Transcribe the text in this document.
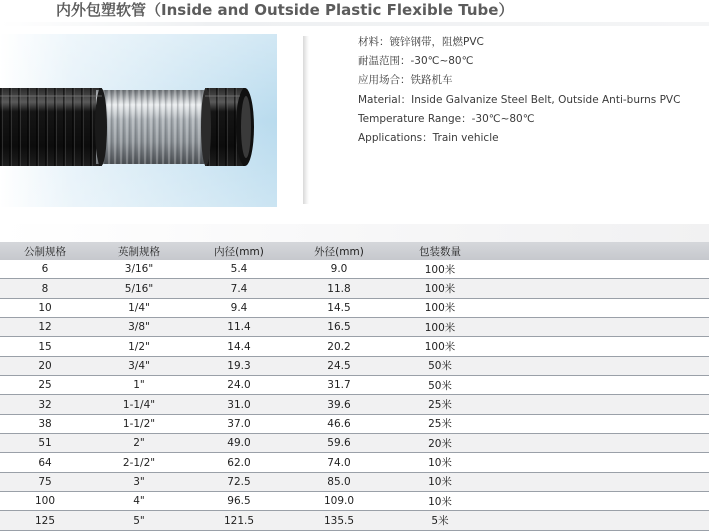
内外包塑软管（Inside and Outside Plastic Flexible Tube）
材料：镀锌钢带，阻燃PVC
耐温范围：-30℃~80℃
应用场合：铁路机车
Material：Inside Galvanize Steel Belt, Outside Anti-burns PVC
Temperature Range：-30℃~80℃
Applications：Train vehicle
公制规格	英制规格	内径(mm)	外径(mm)	包装数量	
6	3/16"	5.4	9.0	100米	
8	5/16"	7.4	11.8	100米	
10	1/4"	9.4	14.5	100米	
12	3/8"	11.4	16.5	100米	
15	1/2"	14.4	20.2	100米	
20	3/4"	19.3	24.5	50米	
25	1"	24.0	31.7	50米	
32	1-1/4"	31.0	39.6	25米	
38	1-1/2"	37.0	46.6	25米	
51	2"	49.0	59.6	20米	
64	2-1/2"	62.0	74.0	10米	
75	3"	72.5	85.0	10米	
100	4"	96.5	109.0	10米	
125	5"	121.5	135.5	5米	
